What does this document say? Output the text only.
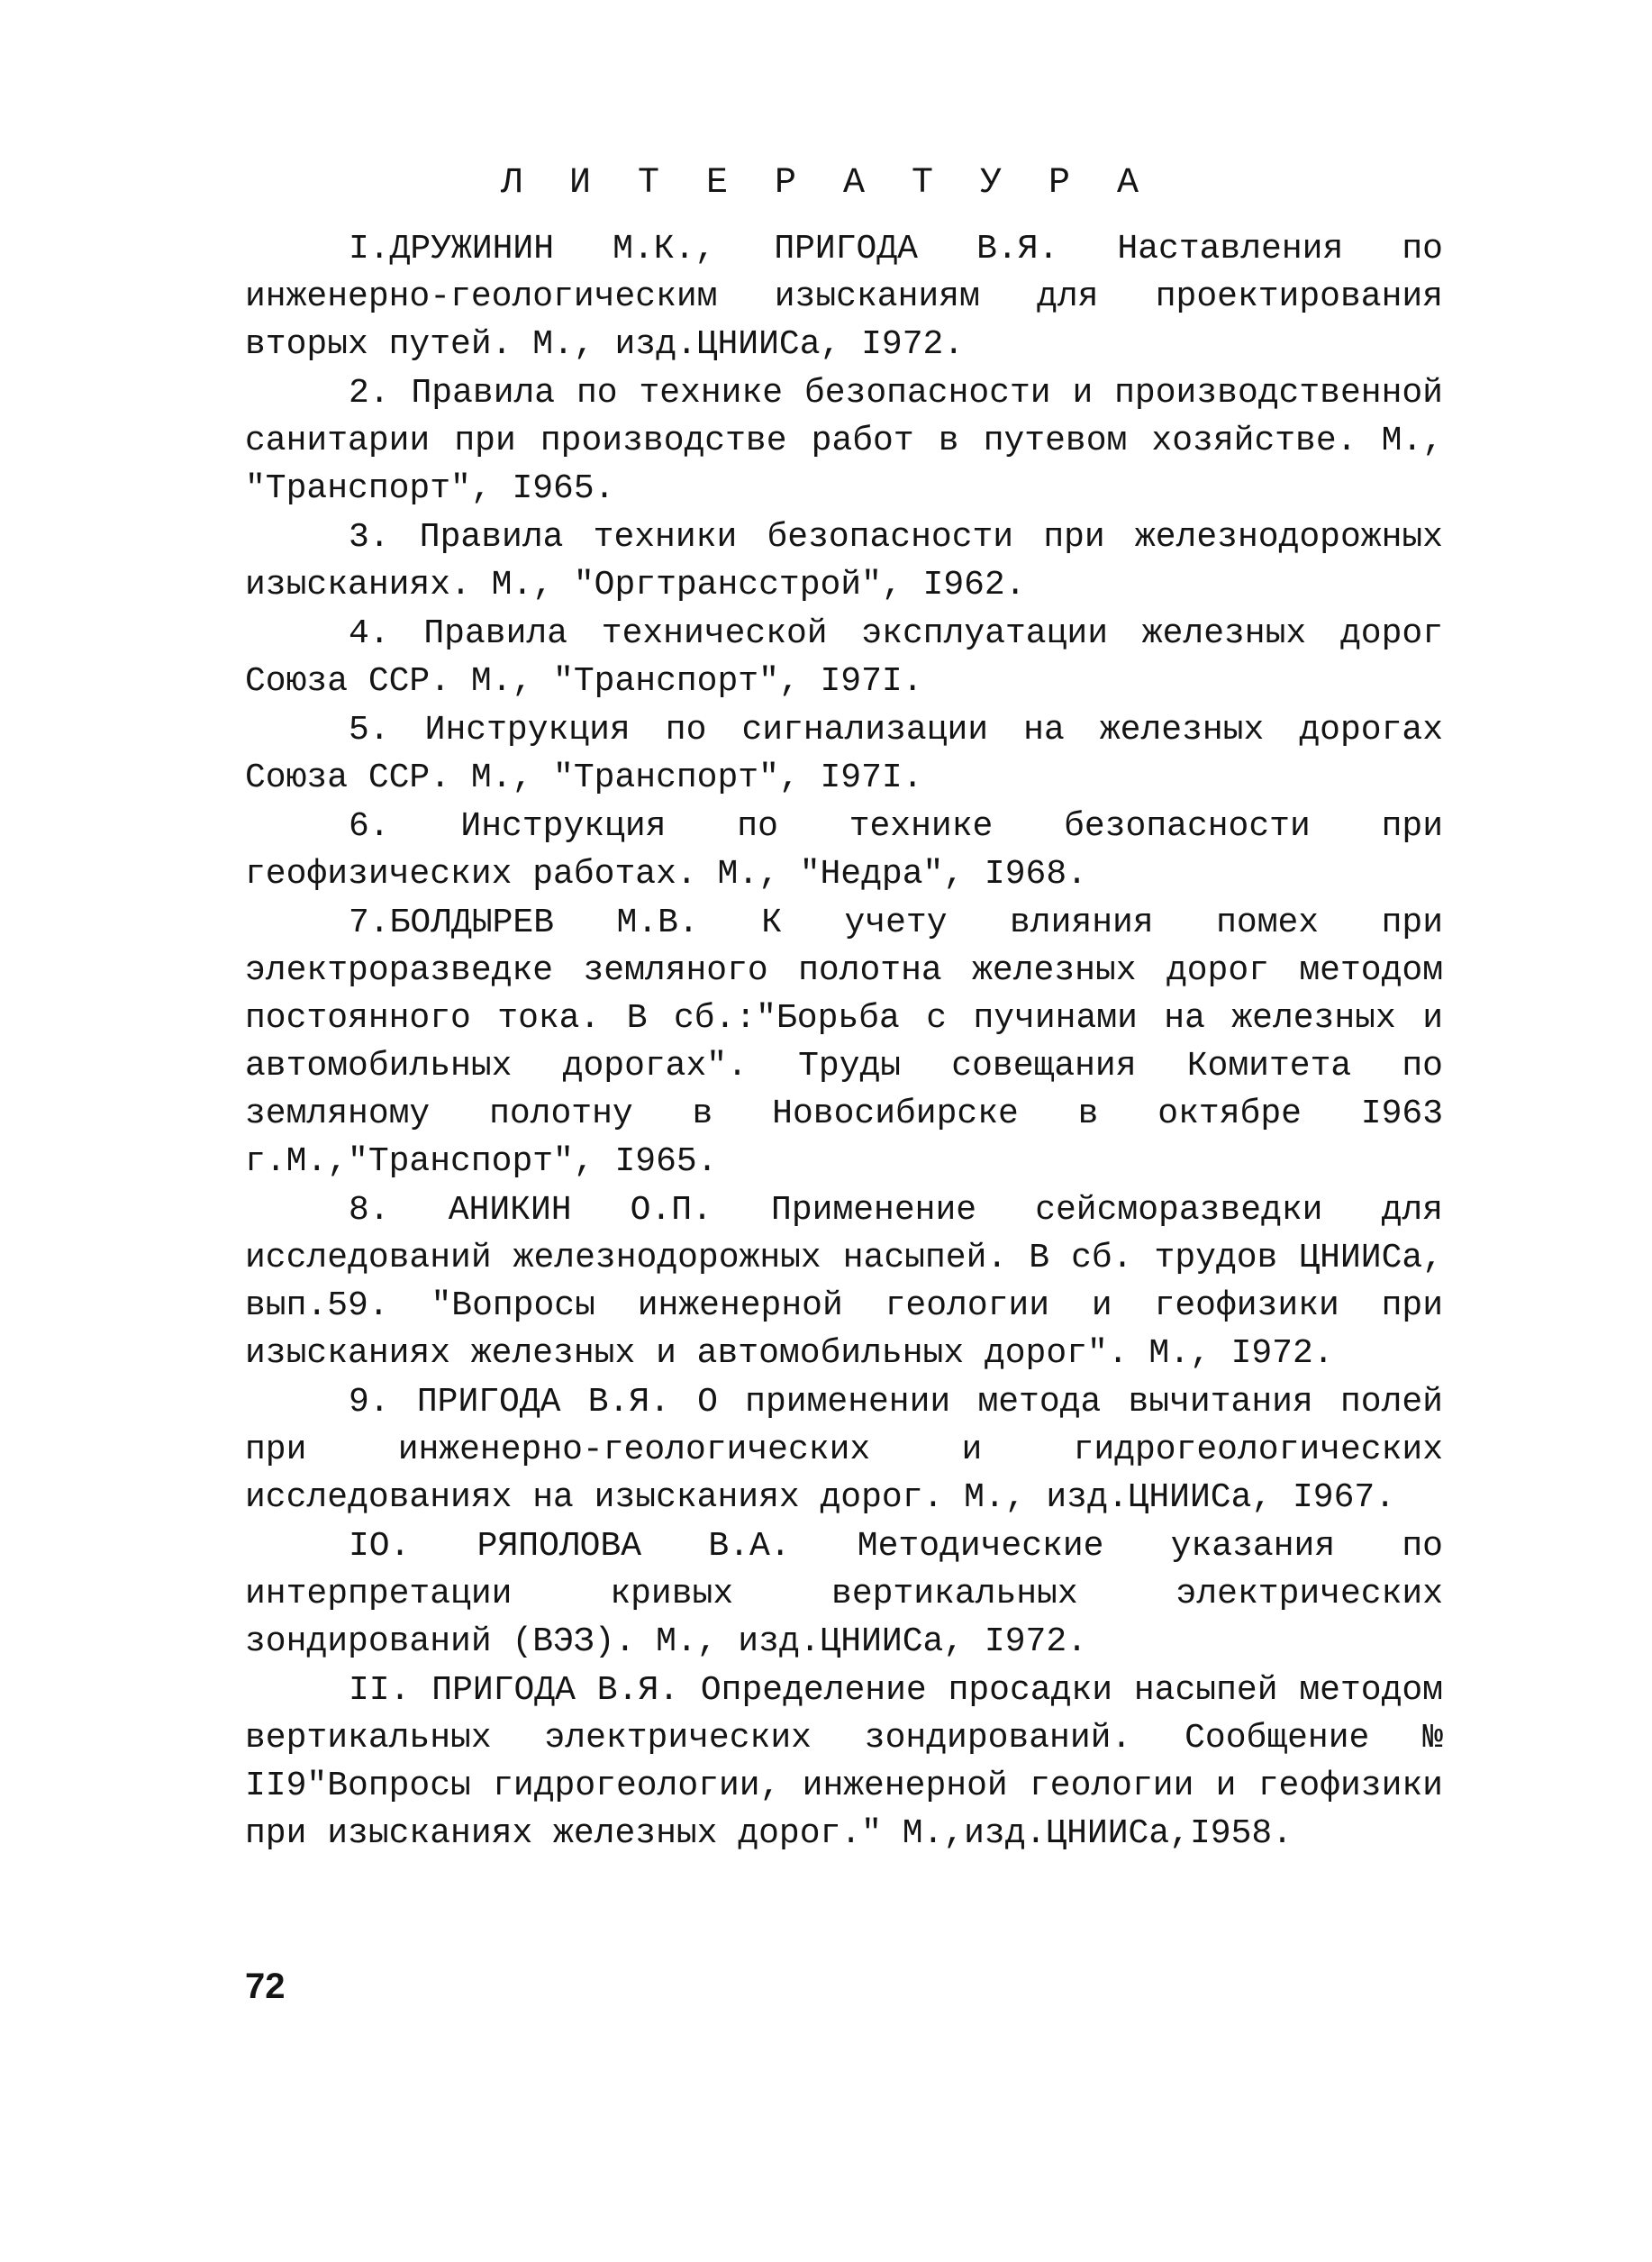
Л И Т Е Р А Т У Р А
I.ДРУЖИНИН М.К., ПРИГОДА В.Я. Наставления по инженерно-геологическим изысканиям для проектирования вторых путей. М., изд.ЦНИИСа, I972.
2. Правила по технике безопасности и производственной санитарии при производстве работ в путевом хозяйстве. М., "Транспорт", I965.
3. Правила техники безопасности при железнодорожных изысканиях. М., "Оргтрансстрой", I962.
4. Правила технической эксплуатации железных дорог Союза ССР. М., "Транспорт", I97I.
5. Инструкция по сигнализации на железных дорогах Союза ССР. М., "Транспорт", I97I.
6. Инструкция по технике безопасности при геофизических работах. М., "Недра", I968.
7.БОЛДЫРЕВ М.В. К учету влияния помех при электроразведке земляного полотна железных дорог методом постоянного тока. В сб.:"Борьба с пучинами на железных и автомобильных дорогах". Труды совещания Комитета по земляному полотну в Новосибирске в октябре I963 г.М.,"Транспорт", I965.
8. АНИКИН О.П. Применение сейсморазведки для исследований железнодорожных насыпей. В сб. трудов ЦНИИСа, вып.59. "Вопросы инженерной геологии и геофизики при изысканиях железных и автомобильных дорог". М., I972.
9. ПРИГОДА В.Я. О применении метода вычитания полей при инженерно-геологических и гидрогеологических исследованиях на изысканиях дорог. М., изд.ЦНИИСа, I967.
IO. РЯПОЛОВА В.А. Методические указания по интерпретации кривых вертикальных электрических зондирований (ВЭЗ). М., изд.ЦНИИСа, I972.
II. ПРИГОДА В.Я. Определение просадки насыпей методом вертикальных электрических зондирований. Сообщение № II9"Вопросы гидрогеологии, инженерной геологии и геофизики при изысканиях железных дорог." М.,изд.ЦНИИСа,I958.
72
